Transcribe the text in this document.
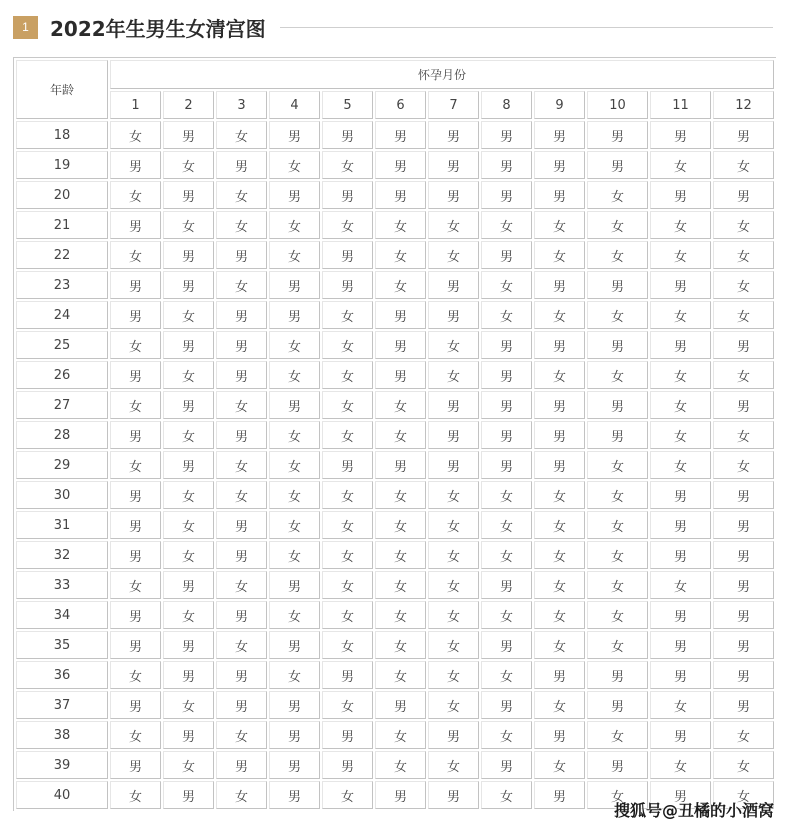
1	2022年生男生女清宫图
年龄	怀孕月份											
	1	2	3	4	5	6	7	8	9	10	11	12
18	女	男	女	男	男	男	男	男	男	男	男	男
19	男	女	男	女	女	男	男	男	男	男	女	女
20	女	男	女	男	男	男	男	男	男	女	男	男
21	男	女	女	女	女	女	女	女	女	女	女	女
22	女	男	男	女	男	女	女	男	女	女	女	女
23	男	男	女	男	男	女	男	女	男	男	男	女
24	男	女	男	男	女	男	男	女	女	女	女	女
25	女	男	男	女	女	男	女	男	男	男	男	男
26	男	女	男	女	女	男	女	男	女	女	女	女
27	女	男	女	男	女	女	男	男	男	男	女	男
28	男	女	男	女	女	女	男	男	男	男	女	女
29	女	男	女	女	男	男	男	男	男	女	女	女
30	男	女	女	女	女	女	女	女	女	女	男	男
31	男	女	男	女	女	女	女	女	女	女	男	男
32	男	女	男	女	女	女	女	女	女	女	男	男
33	女	男	女	男	女	女	女	男	女	女	女	男
34	男	女	男	女	女	女	女	女	女	女	男	男
35	男	男	女	男	女	女	女	男	女	女	男	男
36	女	男	男	女	男	女	女	女	男	男	男	男
37	男	女	男	男	女	男	女	男	女	男	女	男
38	女	男	女	男	男	女	男	女	男	女	男	女
39	男	女	男	男	男	女	女	男	女	男	女	女
40	女	男	女	男	女	男	男	女	男	女	男	女
搜狐号@丑橘的小酒窝
